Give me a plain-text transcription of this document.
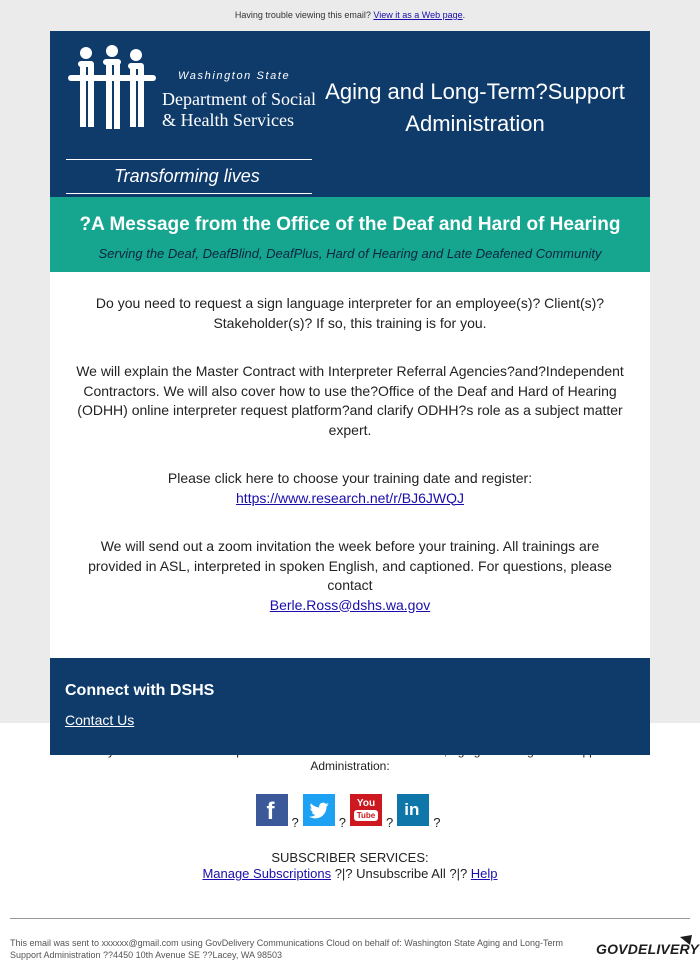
Having trouble viewing this email? View it as a Web page.
Washington State
Department of Social
& Health Services
Transforming lives
Aging and Long-Term?Support
Administration
?A Message from the Office of the Deaf and Hard of Hearing
Serving the Deaf, DeafBlind, DeafPlus, Hard of Hearing and Late Deafened Community

Do you need to request a sign language interpreter for an employee(s)? Client(s)? Stakeholder(s)? If so, this training is for you.

We will explain the Master Contract with Interpreter Referral Agencies?and?Independent Contractors. We will also cover how to use the?Office of the Deaf and Hard of Hearing (ODHH) online interpreter request platform?and clarify ODHH?s role as a subject matter expert.

Please click here to choose your training date and register:
https://www.research.net/r/BJ6JWQJ

We will send out a zoom invitation the week before your training. All trainings are provided in ASL, interpreted in spoken English, and captioned. For questions, please contact
Berle.Ross@dshs.wa.gov

Connect with DSHS
Contact Us
Administration:
f ?	?
You
Tube ?
in
?
SUBSCRIBER SERVICES:
Manage Subscriptions ?|? Unsubscribe All ?|? Help
This email was sent to xxxxxx@gmail.com using GovDelivery Communications Cloud on behalf of: Washington State Aging and Long-Term Support Administration ??4450 10th Avenue SE ??Lacey, WA 98503	GOVDELIVERY
